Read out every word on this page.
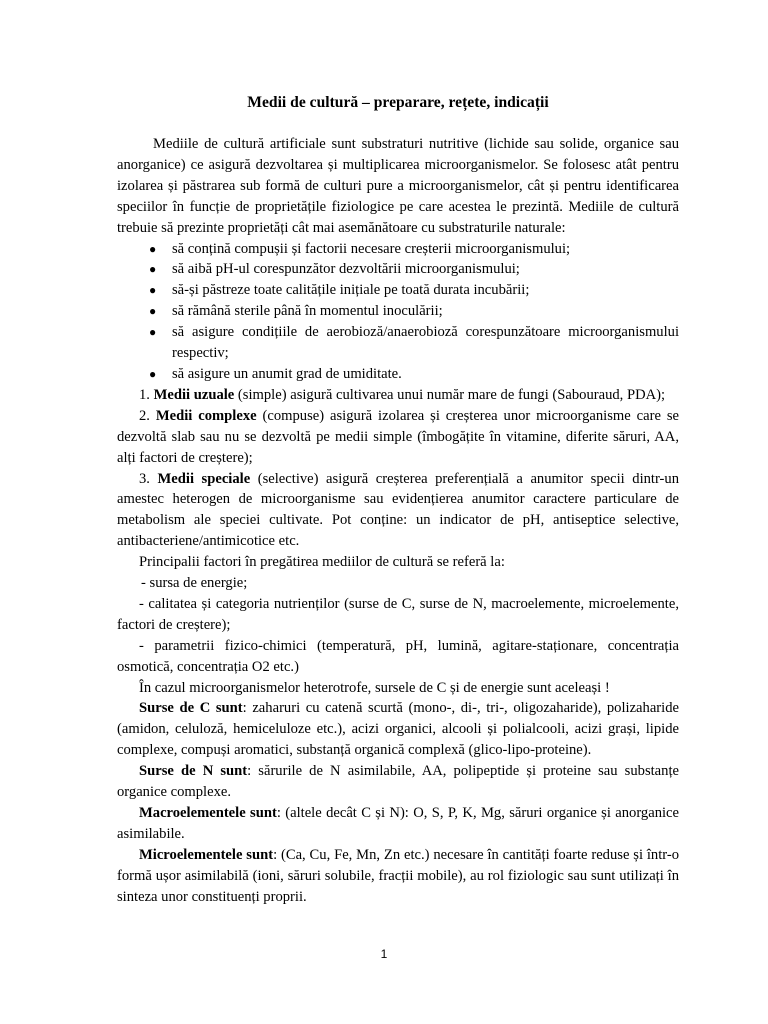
Medii de cultură – preparare, rețete, indicații

Mediile de cultură artificiale sunt substraturi nutritive (lichide sau solide, organice sau anorganice) ce asigură dezvoltarea și multiplicarea microorganismelor. Se folosesc atât pentru izolarea și păstrarea sub formă de culturi pure a microorganismelor, cât și pentru identificarea speciilor în funcție de proprietățile fiziologice pe care acestea le prezintă. Mediile de cultură trebuie să prezinte proprietăți cât mai asemănătoare cu substraturile naturale:

● să conțină compușii și factorii necesare creșterii microorganismului;
● să aibă pH-ul corespunzător dezvoltării microorganismului;
● să-și păstreze toate calitățile inițiale pe toată durata incubării;
● să rămână sterile până în momentul inoculării;
● să asigure condițiile de aerobioză/anaerobioză corespunzătoare microorganismului respectiv;
● să asigure un anumit grad de umiditate.

1. Medii uzuale (simple) asigură cultivarea unui număr mare de fungi (Sabouraud, PDA);

2. Medii complexe (compuse) asigură izolarea și creșterea unor microorganisme care se dezvoltă slab sau nu se dezvoltă pe medii simple (îmbogățite în vitamine, diferite săruri, AA, alți factori de creștere);

3. Medii speciale (selective) asigură creșterea preferențială a anumitor specii dintr-un amestec heterogen de microorganisme sau evidențierea anumitor caractere particulare de metabolism ale speciei cultivate. Pot conține: un indicator de pH, antiseptice selective, antibacteriene/antimicotice etc.

Principalii factori în pregătirea mediilor de cultură se referă la:

- sursa de energie;

- calitatea și categoria nutrienților (surse de C, surse de N, macroelemente, microelemente, factori de creștere);

- parametrii fizico-chimici (temperatură, pH, lumină, agitare-staționare, concentrația osmotică, concentrația O2 etc.)

În cazul microorganismelor heterotrofe, sursele de C și de energie sunt aceleași !

Surse de C sunt: zaharuri cu catenă scurtă (mono-, di-, tri-, oligozaharide), polizaharide (amidon, celuloză, hemiceluloze etc.), acizi organici, alcooli și polialcooli, acizi grași, lipide complexe, compuși aromatici, substanță organică complexă (glico-lipo-proteine).

Surse de N sunt: sărurile de N asimilabile, AA, polipeptide și proteine sau substanțe organice complexe.

Macroelementele sunt: (altele decât C și N): O, S, P, K, Mg, săruri organice și anorganice asimilabile.

Microelementele sunt: (Ca, Cu, Fe, Mn, Zn etc.) necesare în cantități foarte reduse și într-o formă ușor asimilabilă (ioni, săruri solubile, fracții mobile), au rol fiziologic sau sunt utilizați în sinteza unor constituenți proprii.

1
